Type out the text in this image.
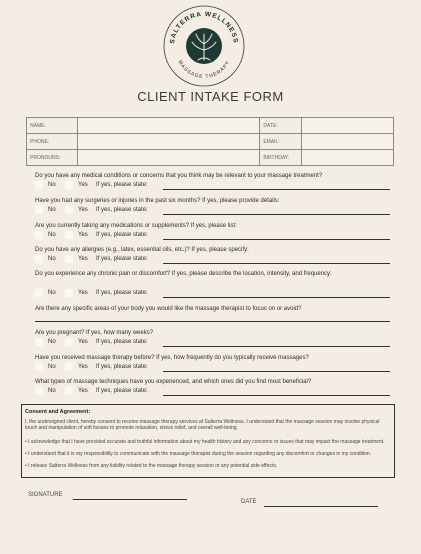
SALTERRA WELLNESS
MASSAGE THERAPY
CLIENT INTAKE FORM
NAME:		DATE:	
PHONE:		EMAIL:	
PRONOUNS:		BIRTHDAY:	
Do you have any medical conditions or concerns that you think may be relevant to your massage treatment?
No	Yes If yes, please state:
Have you had any surgeries or injuries in the past six months? If yes, please provide details:
No	Yes If yes, please state:
Are you currently taking any medications or supplements? If yes, please list:
No	Yes If yes, please state:
Do you have any allergies (e.g., latex, essential oils, etc.)? If yes, please specify:
No	Yes If yes, please state:
Do you experience any chronic pain or discomfort? If yes, please describe the location, intensity, and frequency:
No	Yes If yes, please state:
Are there any specific areas of your body you would like the massage therapist to focus on or avoid?
Are you pregnant? If yes, how many weeks?
No	Yes If yes, please state:
Have you received massage therapy before? If yes, how frequently do you typically receive massages?
No	Yes If yes, please state:
What types of massage techniques have you experienced, and which ones did you find most beneficial?
No	Yes If yes, please state:
Consent and Agreement:
I, the undersigned client, hereby consent to receive massage therapy services at Salterra Wellness. I understand that the massage session may involve physical touch and manipulation of soft tissues to promote relaxation, stress relief, and overall well-being.
• I acknowledge that I have provided accurate and truthful information about my health history and any concerns or issues that may impact the massage treatment.
• I understand that it is my responsibility to communicate with the massage therapist during the session regarding any discomfort or changes in my condition.
• I release Salterra Wellness from any liability related to the massage therapy session or any potential side effects.
SIGNATURE
DATE
